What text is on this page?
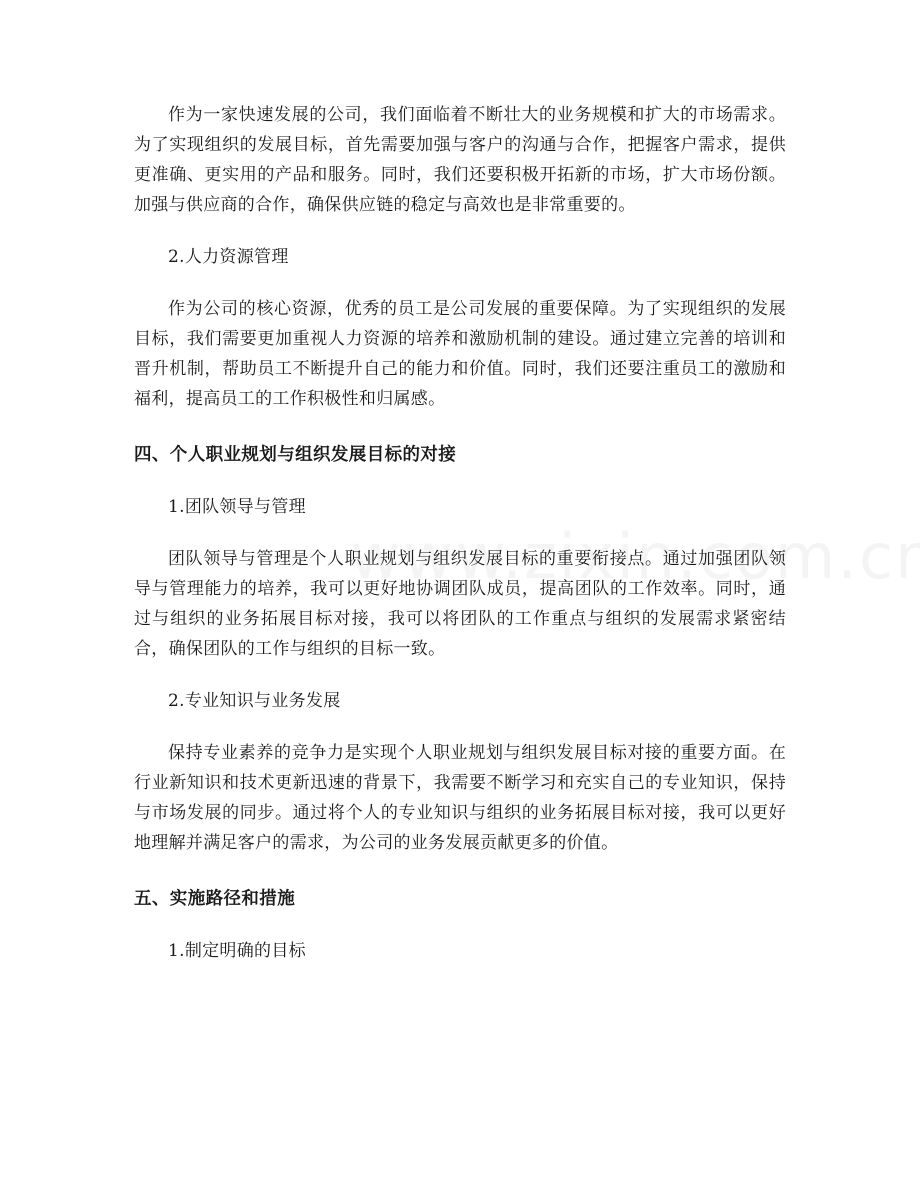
作为一家快速发展的公司，我们面临着不断壮大的业务规模和扩大的市场需求。为了实现组织的发展目标，首先需要加强与客户的沟通与合作，把握客户需求，提供更准确、更实用的产品和服务。同时，我们还要积极开拓新的市场，扩大市场份额。加强与供应商的合作，确保供应链的稳定与高效也是非常重要的。

2.人力资源管理

作为公司的核心资源，优秀的员工是公司发展的重要保障。为了实现组织的发展目标，我们需要更加重视人力资源的培养和激励机制的建设。通过建立完善的培训和晋升机制，帮助员工不断提升自己的能力和价值。同时，我们还要注重员工的激励和福利，提高员工的工作积极性和归属感。

四、个人职业规划与组织发展目标的对接

1.团队领导与管理

团队领导与管理是个人职业规划与组织发展目标的重要衔接点。通过加强团队领导与管理能力的培养，我可以更好地协调团队成员，提高团队的工作效率。同时，通过与组织的业务拓展目标对接，我可以将团队的工作重点与组织的发展需求紧密结合，确保团队的工作与组织的目标一致。

2.专业知识与业务发展

保持专业素养的竞争力是实现个人职业规划与组织发展目标对接的重要方面。在行业新知识和技术更新迅速的背景下，我需要不断学习和充实自己的专业知识，保持与市场发展的同步。通过将个人的专业知识与组织的业务拓展目标对接，我可以更好地理解并满足客户的需求，为公司的业务发展贡献更多的价值。

五、实施路径和措施

1.制定明确的目标
